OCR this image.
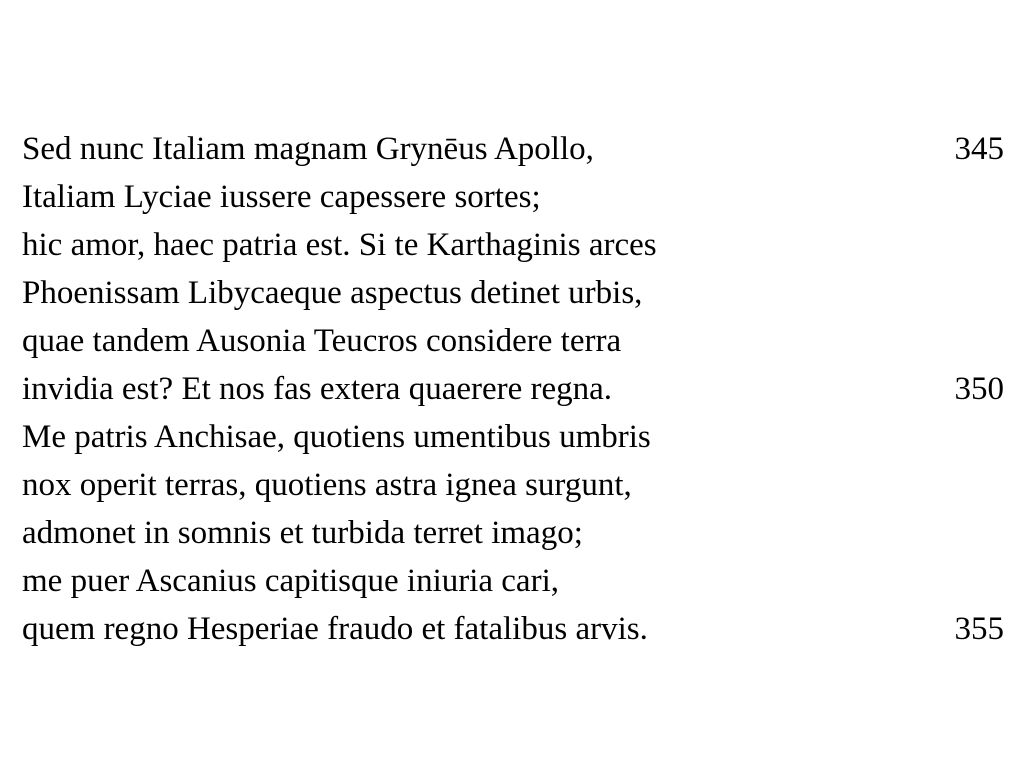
Sed nunc Italiam magnam Grynēus Apollo,	345
Italiam Lyciae iussere capessere sortes;
hic amor, haec patria est. Si te Karthaginis arces
Phoenissam Libycaeque aspectus detinet urbis,
quae tandem Ausonia Teucros considere terra
invidia est? Et nos fas extera quaerere regna.	350
Me patris Anchisae, quotiens umentibus umbris
nox operit terras, quotiens astra ignea surgunt,
admonet in somnis et turbida terret imago;
me puer Ascanius capitisque iniuria cari,
quem regno Hesperiae fraudo et fatalibus arvis.	355
